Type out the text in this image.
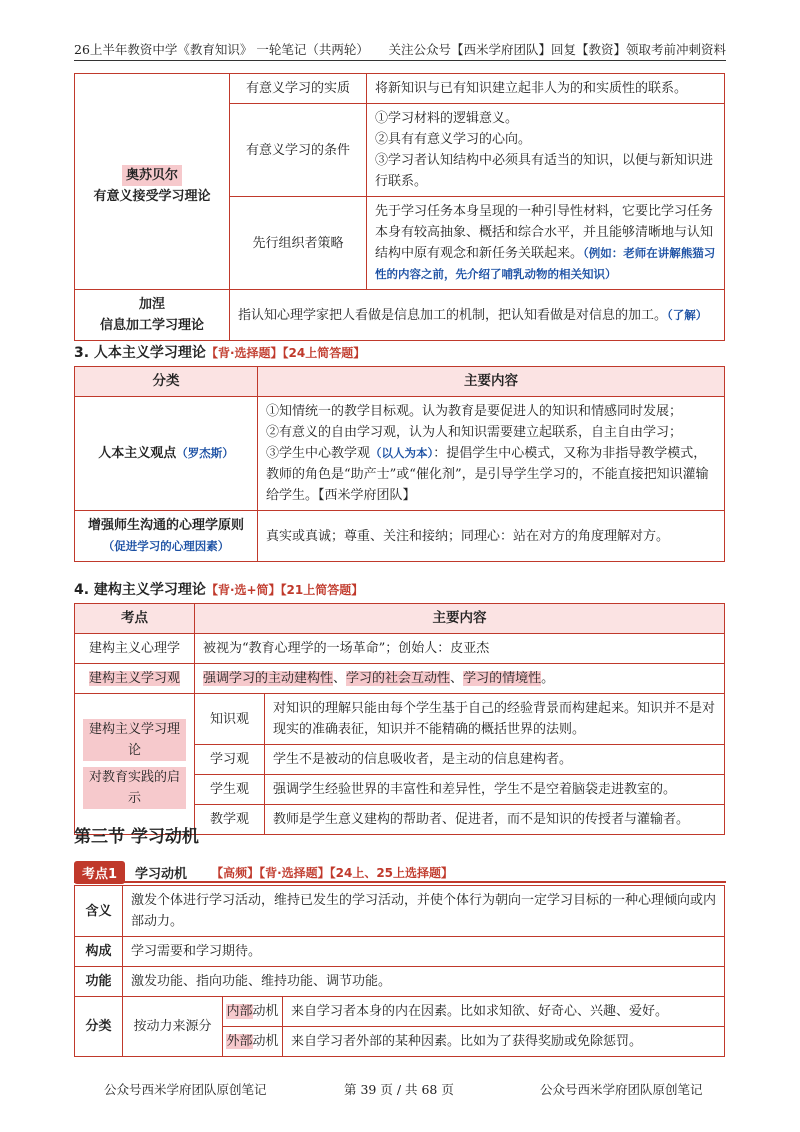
26上半年教资中学《教育知识》 一轮笔记（共两轮） 关注公众号【西米学府团队】回复【教资】领取考前冲刺资料
奥苏贝尔

有意义接受学习理论	有意义学习的实质	将新知识与已有知识建立起非人为的和实质性的联系。
	有意义学习的条件	①学习材料的逻辑意义。
②具有有意义学习的心向。
③学习者认知结构中必须具有适当的知识，以便与新知识进行联系。

	先行组织者策略	先于学习任务本身呈现的一种引导性材料，它要比学习任务本身有较高抽象、概括和综合水平，并且能够清晰地与认知结构中原有观念和新任务关联起来。（例如：老师在讲解熊猫习性的内容之前，先介绍了哺乳动物的相关知识）

加涅
信息加工学习理论	指认知心理学家把人看做是信息加工的机制，把认知看做是对信息的加工。（了解）	
3. 人本主义学习理论【背·选择题】【24上简答题】
分类	主要内容
人本主义观点（罗杰斯）	①知情统一的教学目标观。认为教育是要促进人的知识和情感同时发展；
②有意义的自由学习观，认为人和知识需要建立起联系，自主自由学习；
③学生中心教学观（以人为本）：提倡学生中心模式，又称为非指导教学模式，教师的角色是“助产士”或“催化剂”，是引导学生学习的，不能直接把知识灌输给学生。【西米学府团队】

增强师生沟通的心理学原则
（促进学习的心理因素）	真实或真诚；尊重、关注和接纳；同理心：站在对方的角度理解对方。
4. 建构主义学习理论【背·选+简】【21上简答题】
考点	主要内容	
建构主义心理学	被视为“教育心理学的一场革命”；创始人：皮亚杰	
建构主义学习观	强调学习的主动建构性、学习的社会互动性、学习的情境性。	
建构主义学习理论
对教育实践的启示	知识观	对知识的理解只能由每个学生基于自己的经验背景而构建起来。知识并不是对现实的准确表征，知识并不能精确的概括世界的法则。
	学习观	学生不是被动的信息吸收者，是主动的信息建构者。
	学生观	强调学生经验世界的丰富性和差异性，学生不是空着脑袋走进教室的。
	教学观	教师是学生意义建构的帮助者、促进者，而不是知识的传授者与灌输者。
第三节 学习动机
考点1	学习动机 【高频】【背·选择题】【24上、25上选择题】
含义	激发个体进行学习活动，维持已发生的学习活动，并使个体行为朝向一定学习目标的一种心理倾向或内部动力。		
构成	学习需要和学习期待。		
功能	激发功能、指向功能、维持功能、调节功能。		
分类	按动力来源分	内部动机	来自学习者本身的内在因素。比如求知欲、好奇心、兴趣、爱好。
		外部动机	来自学习者外部的某种因素。比如为了获得奖励或免除惩罚。
公众号西米学府团队原创笔记	第 39 页 / 共 68 页	公众号西米学府团队原创笔记
